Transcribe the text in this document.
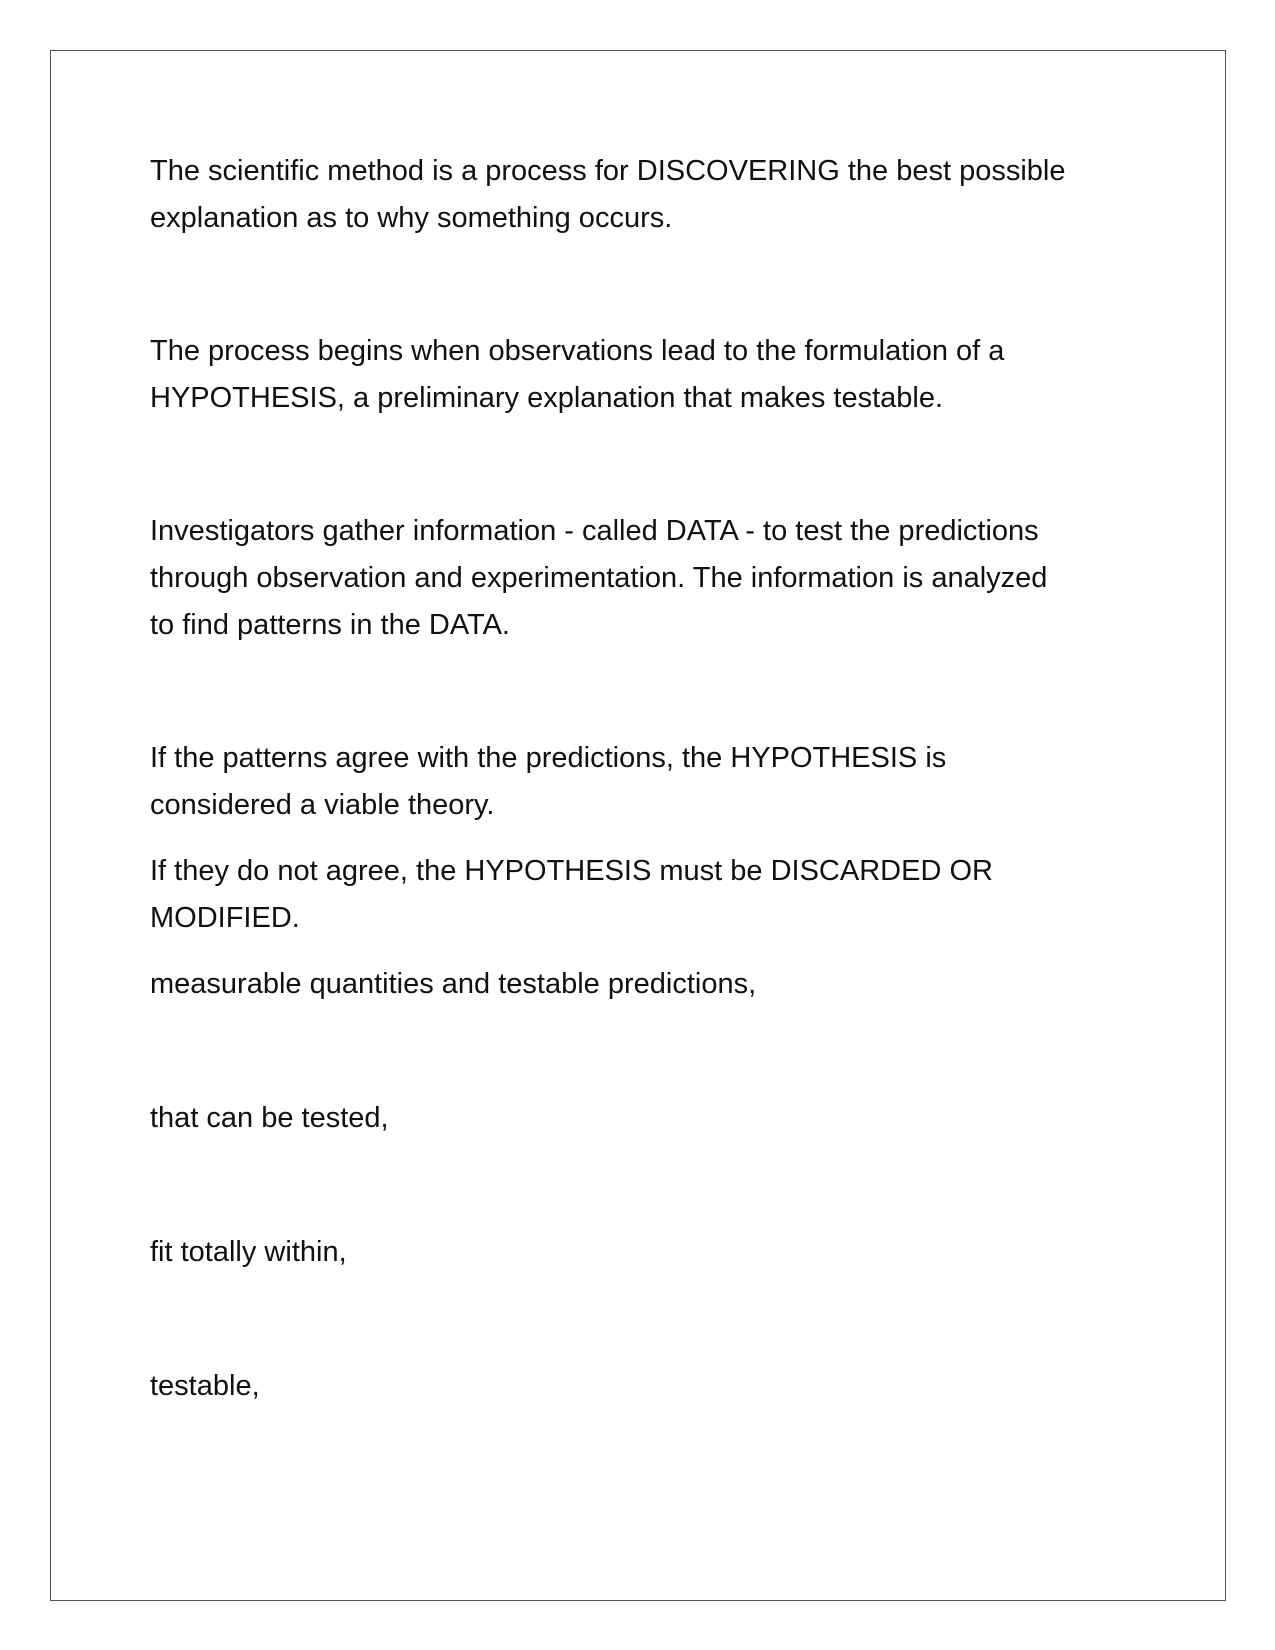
The scientific method is a process for DISCOVERING the best possible
explanation as to why something occurs.

The process begins when observations lead to the formulation of a
HYPOTHESIS, a preliminary explanation that makes testable.

Investigators gather information - called DATA - to test the predictions
through observation and experimentation. The information is analyzed
to find patterns in the DATA.

If the patterns agree with the predictions, the HYPOTHESIS is
considered a viable theory.

If they do not agree, the HYPOTHESIS must be DISCARDED OR
MODIFIED.

measurable quantities and testable predictions,

that can be tested,

fit totally within,

testable,
